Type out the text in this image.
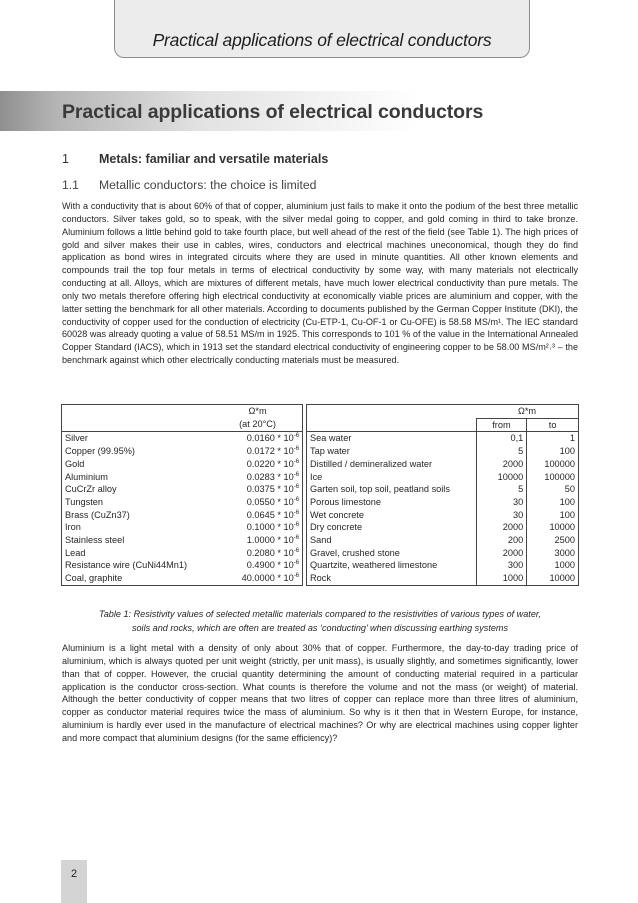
Practical applications of electrical conductors
Practical applications of electrical conductors
1 Metals: familiar and versatile materials
1.1 Metallic conductors: the choice is limited
With a conductivity that is about 60% of that of copper, aluminium just fails to make it onto the podium of the best three metallic conductors. Silver takes gold, so to speak, with the silver medal going to copper, and gold coming in third to take bronze. Aluminium follows a little behind gold to take fourth place, but well ahead of the rest of the field (see Table 1). The high prices of gold and silver makes their use in cables, wires, conductors and electrical machines uneconomical, though they do find application as bond wires in integrated circuits where they are used in minute quantities. All other known elements and compounds trail the top four metals in terms of electrical conductivity by some way, with many materials not electrically conducting at all. Alloys, which are mixtures of different metals, have much lower electrical conductivity than pure metals. The only two metals therefore offering high electrical conductivity at economically viable prices are aluminium and copper, with the latter setting the benchmark for all other materials. According to documents published by the German Copper Institute (DKI), the conductivity of copper used for the conduction of electricity (Cu-ETP-1, Cu-OF-1 or Cu-OFE) is 58.58 MS/m¹. The IEC standard 60028 was already quoting a value of 58.51 MS/m in 1925. This corresponds to 101 % of the value in the International Annealed Copper Standard (IACS), which in 1913 set the standard electrical conductivity of engineering copper to be 58.00 MS/m²˒³ – the benchmark against which other electrically conducting materials must be measured.
	Ω*m			Ω*m	
	(at 20°C)			from	to
Silver	$0.0160 * 10^{-6}$		Sea water	0,1	1
Copper (99.95%)	$0.0172 * 10^{-6}$		Tap water	5	100
Gold	$0.0220 * 10^{-6}$		Distilled / demineralized water	2000	100000
Aluminium	$0.0283 * 10^{-6}$		Ice	10000	100000
CuCrZr alloy	$0.0375 * 10^{-6}$		Garten soil, top soil, peatland soils	5	50
Tungsten	$0.0550 * 10^{-6}$		Porous limestone	30	100
Brass (CuZn37)	$0.0645 * 10^{-6}$		Wet concrete	30	100
Iron	$0.1000 * 10^{-6}$		Dry concrete	2000	10000
Stainless steel	$1.0000 * 10^{-6}$		Sand	200	2500
Lead	$0.2080 * 10^{-6}$		Gravel, crushed stone	2000	3000
Resistance wire (CuNi44Mn1)	$0.4900 * 10^{-6}$		Quartzite, weathered limestone	300	1000
Coal, graphite	$40.0000 * 10^{-6}$		Rock	1000	10000
Table 1: Resistivity values of selected metallic materials compared to the resistivities of various types of water,
soils and rocks, which are often are treated as ‘conducting’ when discussing earthing systems
Aluminium is a light metal with a density of only about 30% that of copper. Furthermore, the day-to-day trading price of aluminium, which is always quoted per unit weight (strictly, per unit mass), is usually slightly, and sometimes significantly, lower than that of copper. However, the crucial quantity determining the amount of conducting material required in a particular application is the conductor cross-section. What counts is therefore the volume and not the mass (or weight) of material. Although the better conductivity of copper means that two litres of copper can replace more than three litres of aluminium, copper as conductor material requires twice the mass of aluminium. So why is it then that in Western Europe, for instance, aluminium is hardly ever used in the manufacture of electrical machines? Or why are electrical machines using copper lighter and more compact that aluminium designs (for the same efficiency)?
2
